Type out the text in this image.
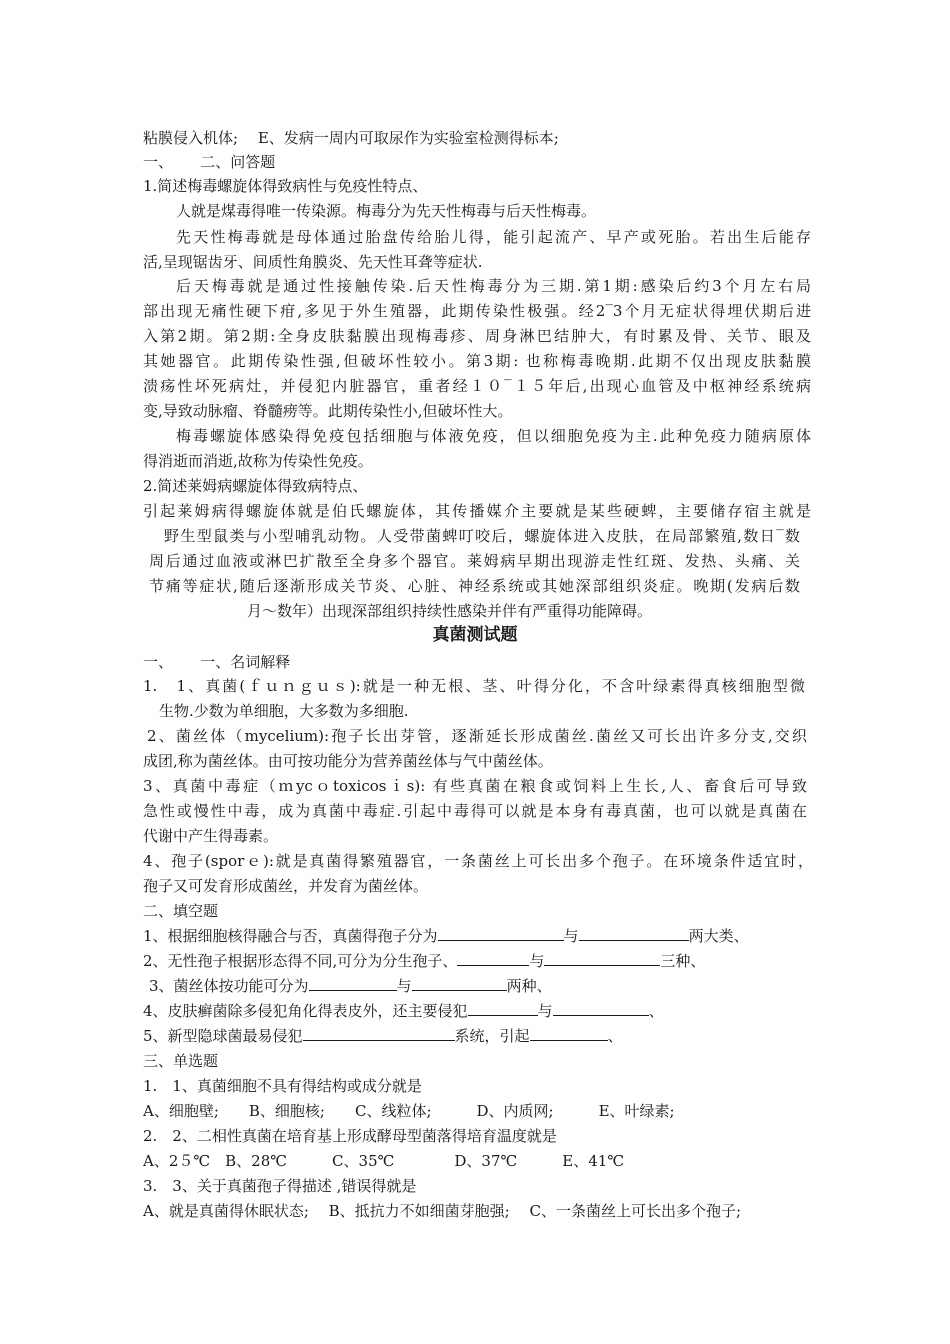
粘膜侵入机体;　 E、发病一周内可取尿作为实验室检测得标本;
一、　　 二、问答题
1.简述梅毒螺旋体得致病性与免疫性特点、
人就是煤毒得唯一传染源。梅毒分为先天性梅毒与后天性梅毒。
先天性梅毒就是母体通过胎盘传给胎儿得，能引起流产、早产或死胎。若出生后能存
活,呈现锯齿牙、间质性角膜炎、先天性耳聋等症状.
后天梅毒就是通过性接触传染.后天性梅毒分为三期.第1期:感染后约3个月左右局
部出现无痛性硬下疳,多见于外生殖器，此期传染性极强。经2‾3个月无症状得埋伏期后进
入第2期。第2期:全身皮肤黏膜出现梅毒疹、周身淋巴结肿大，有时累及骨、关节、眼及
其她器官。此期传染性强,但破坏性较小。第3期: 也称梅毒晚期.此期不仅出现皮肤黏膜
溃疡性坏死病灶，并侵犯内脏器官，重者经１０‾１５年后,出现心血管及中枢神经系统病
变,导致动脉瘤、脊髓痨等。此期传染性小,但破坏性大。
梅毒螺旋体感染得免疫包括细胞与体液免疫，但以细胞免疫为主.此种免疫力随病原体
得消逝而消逝,故称为传染性免疫。
2.简述莱姆病螺旋体得致病特点、
引起莱姆病得螺旋体就是伯氏螺旋体，其传播媒介主要就是某些硬蜱，主要储存宿主就是
野生型鼠类与小型哺乳动物。人受带菌蜱叮咬后，螺旋体进入皮肤，在局部繁殖,数日‾数
周后通过血液或淋巴扩散至全身多个器官。莱姆病早期出现游走性红斑、发热、头痛、关
节痛等症状,随后逐渐形成关节炎、心脏、神经系统或其她深部组织炎症。晚期(发病后数
月～数年）出现深部组织持续性感染并伴有严重得功能障碍。
真菌测试题
一、　　 一、名词解释
1.　1、真菌(ｆｕｎｇｕｓ):就是一种无根、茎、叶得分化，不含叶绿素得真核细胞型微
生物.少数为单细胞，大多数为多细胞.
2、菌丝体（mycelium):孢子长出芽管，逐渐延长形成菌丝.菌丝又可长出许多分支,交织
成团,称为菌丝体。由可按功能分为营养菌丝体与气中菌丝体。
3、真菌中毒症（ｍycｏtoxicosｉs): 有些真菌在粮食或饲料上生长,人、畜食后可导致
急性或慢性中毒，成为真菌中毒症.引起中毒得可以就是本身有毒真菌，也可以就是真菌在
代谢中产生得毒素。
4、孢子(sporｅ):就是真菌得繁殖器官，一条菌丝上可长出多个孢子。在环境条件适宜时，
孢子又可发育形成菌丝，并发育为菌丝体。
二、填空题
1、根据细胞核得融合与否，真菌得孢子分为	与	两大类、
2、无性孢子根据形态得不同,可分为分生孢子、	与	三种、
3、菌丝体按功能可分为	与	两种、
4、皮肤癣菌除多侵犯角化得表皮外，还主要侵犯	与	、
5、新型隐球菌最易侵犯	系统，引起	、
三、单选题
1.　1、真菌细胞不具有得结构或成分就是
A、细胞壁;　　B、细胞核;　　C、线粒体;　　　D、内质网;　　　E、叶绿素;
2.　2、二相性真菌在培育基上形成酵母型菌落得培育温度就是
A、2５℃　B、28℃　　　C、35℃　　　　D、37℃　　　E、41℃
3.　3、关于真菌孢子得描述 ,错误得就是
A、就是真菌得休眠状态;　 B、抵抗力不如细菌芽胞强;　 C、一条菌丝上可长出多个孢子;
